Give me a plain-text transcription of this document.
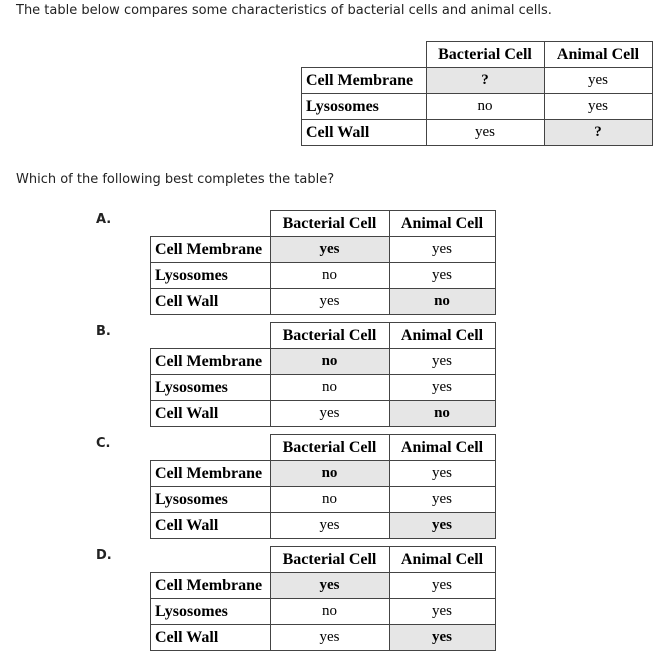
The table below compares some characteristics of bacterial cells and animal cells.
	Bacterial Cell	Animal Cell
Cell Membrane	?	yes
Lysosomes	no	yes
Cell Wall	yes	?
Which of the following best completes the table?
A.
		Bacterial Cell	Animal Cell
Cell Membrane	yes	yes
Lysosomes	no	yes
Cell Wall	yes	no
B.
		Bacterial Cell	Animal Cell
Cell Membrane	no	yes
Lysosomes	no	yes
Cell Wall	yes	no
C.
		Bacterial Cell	Animal Cell
Cell Membrane	no	yes
Lysosomes	no	yes
Cell Wall	yes	yes
D.
		Bacterial Cell	Animal Cell
Cell Membrane	yes	yes
Lysosomes	no	yes
Cell Wall	yes	yes
